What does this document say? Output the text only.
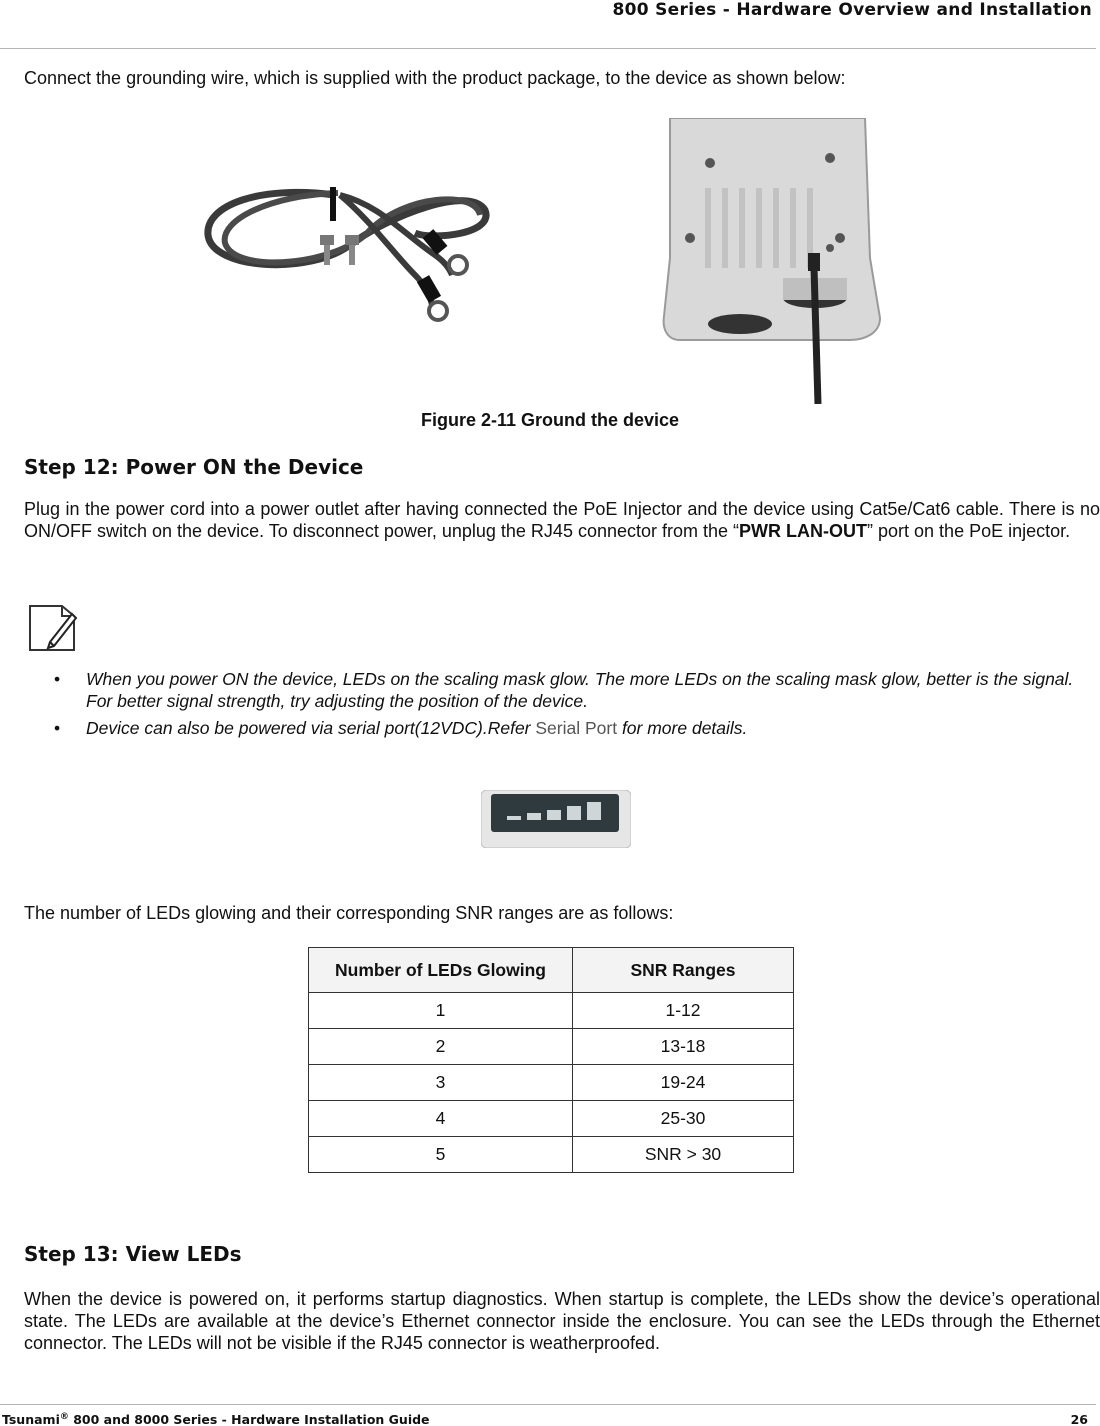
800 Series - Hardware Overview and Installation
Connect the grounding wire, which is supplied with the product package, to the device as shown below:
Figure 2-11 Ground the device
Step 12: Power ON the Device
Plug in the power cord into a power outlet after having connected the PoE Injector and the device using Cat5e/Cat6 cable. There is no ON/OFF switch on the device. To disconnect power, unplug the RJ45 connector from the “PWR LAN-OUT” port on the PoE injector.
• When you power ON the device, LEDs on the scaling mask glow. The more LEDs on the scaling mask glow, better is the signal. For better signal strength, try adjusting the position of the device.
• Device can also be powered via serial port(12VDC).Refer Serial Port for more details.
The number of LEDs glowing and their corresponding SNR ranges are as follows:
Number of LEDs Glowing	SNR Ranges
1	1-12
2	13-18
3	19-24
4	25-30
5	SNR > 30
Step 13: View LEDs
When the device is powered on, it performs startup diagnostics. When startup is complete, the LEDs show the device’s operational state. The LEDs are available at the device’s Ethernet connector inside the enclosure. You can see the LEDs through the Ethernet connector. The LEDs will not be visible if the RJ45 connector is weatherproofed.
Tsunami® 800 and 8000 Series - Hardware Installation Guide	26
